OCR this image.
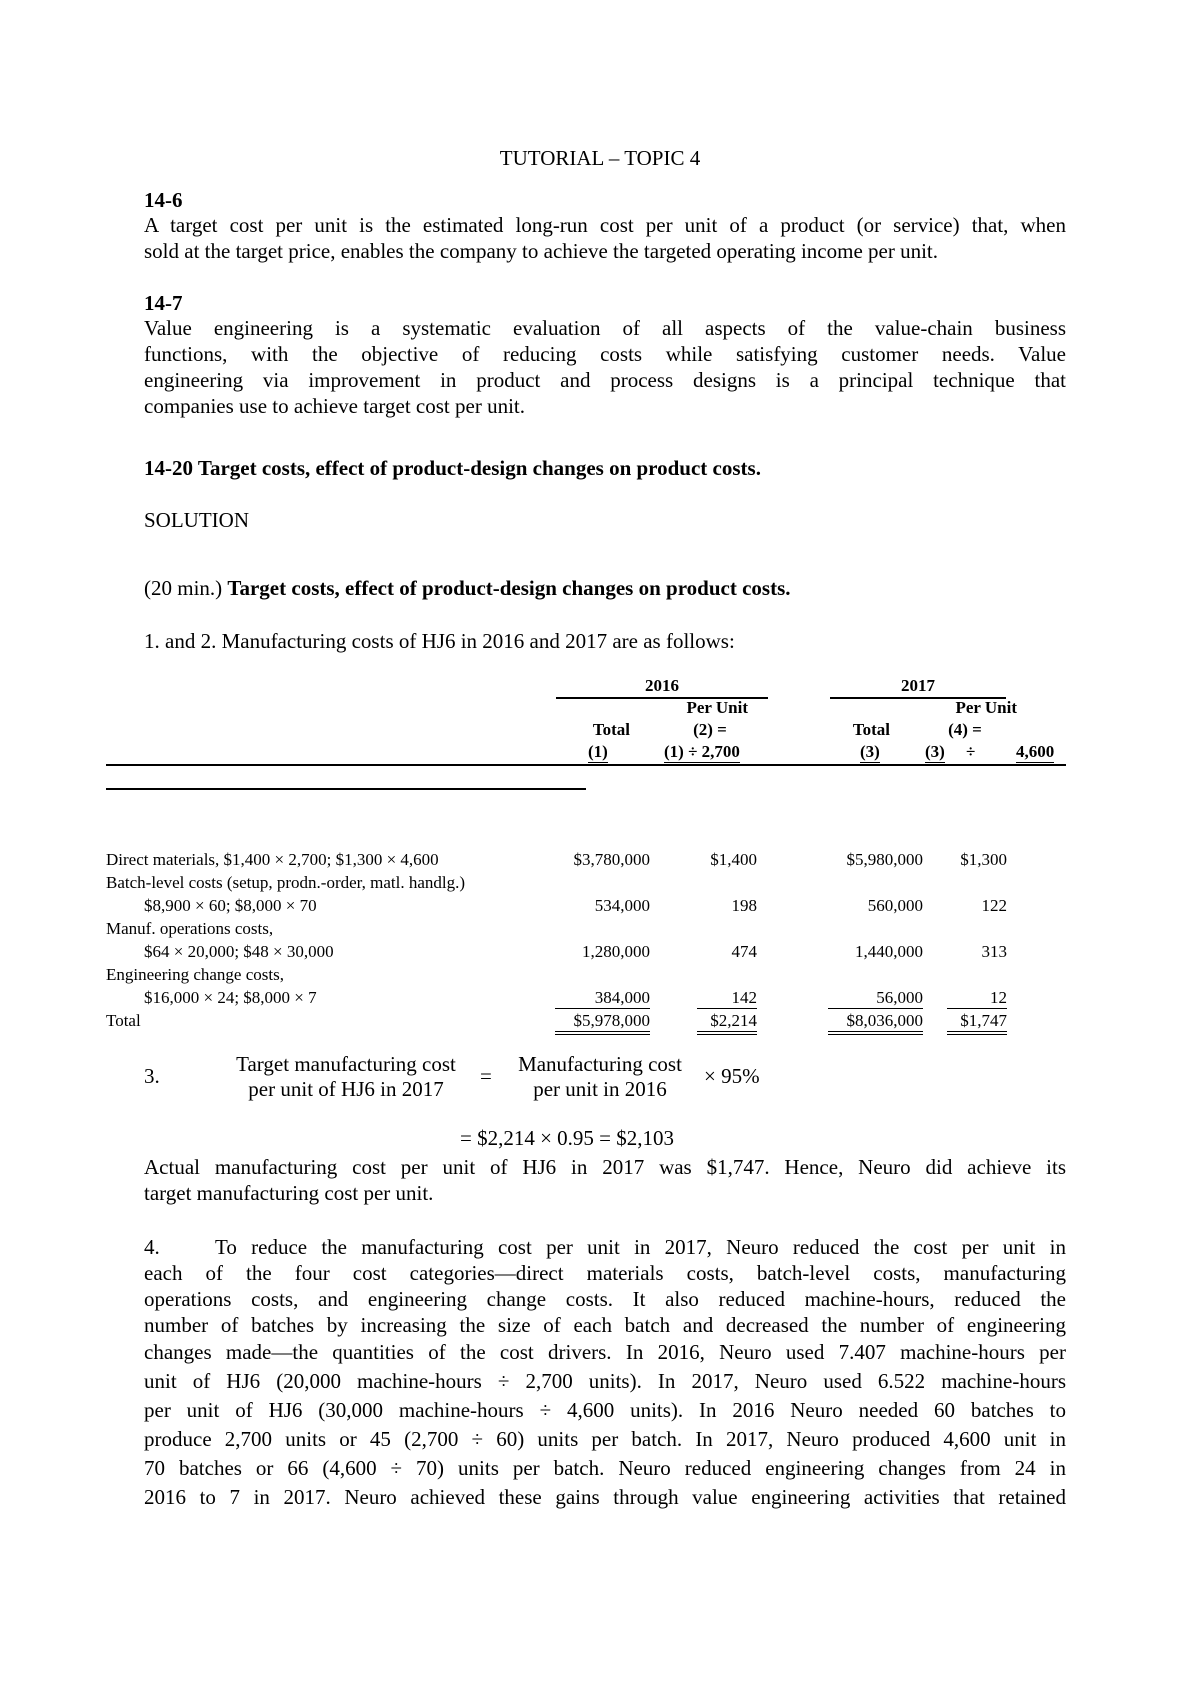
TUTORIAL – TOPIC 4
14-6
A target cost per unit is the estimated long-run cost per unit of a product (or service) that, when
sold at the target price, enables the company to achieve the targeted operating income per unit.
14-7
Value engineering is a systematic evaluation of all aspects of the value-chain business
functions, with the objective of reducing costs while satisfying customer needs. Value
engineering via improvement in product and process designs is a principal technique that
companies use to achieve target cost per unit.
14-20 Target costs, effect of product-design changes on product costs.
SOLUTION
(20 min.) Target costs, effect of product-design changes on product costs.
1. and 2. Manufacturing costs of HJ6 in 2016 and 2017 are as follows:
2016	2017
Per Unit	Per Unit
Total	(2) =	Total	(4) =
(1)	(1) ÷ 2,700	(3)	(3) ÷ 4,600
Direct materials, $1,400 × 2,700; $1,300 × 4,600	$3,780,000	$1,400	$5,980,000	$1,300
Batch-level costs (setup, prodn.-order, matl. handlg.)
$8,900 × 60; $8,000 × 70	534,000	198	560,000	122
Manuf. operations costs,
$64 × 20,000; $48 × 30,000	1,280,000	474	1,440,000	313
Engineering change costs,
$16,000 × 24; $8,000 × 7	384,000	142	56,000	12
Total	$5,978,000	$2,214	$8,036,000	$1,747
3.	Target manufacturing cost
per unit of HJ6 in 2017
=	Manufacturing cost
per unit in 2016
× 95%
= $2,214 × 0.95 = $2,103
Actual manufacturing cost per unit of HJ6 in 2017 was $1,747. Hence, Neuro did achieve its
target manufacturing cost per unit.
4.	To reduce the manufacturing cost per unit in 2017, Neuro reduced the cost per unit in
each of the four cost categories—direct materials costs, batch-level costs, manufacturing
operations costs, and engineering change costs. It also reduced machine-hours, reduced the
number of batches by increasing the size of each batch and decreased the number of engineering
changes made—the quantities of the cost drivers. In 2016, Neuro used 7.407 machine-hours per
unit of HJ6 (20,000 machine-hours ÷ 2,700 units). In 2017, Neuro used 6.522 machine-hours
per unit of HJ6 (30,000 machine-hours ÷ 4,600 units). In 2016 Neuro needed 60 batches to
produce 2,700 units or 45 (2,700 ÷ 60) units per batch. In 2017, Neuro produced 4,600 unit in
70 batches or 66 (4,600 ÷ 70) units per batch. Neuro reduced engineering changes from 24 in
2016 to 7 in 2017. Neuro achieved these gains through value engineering activities that retained
